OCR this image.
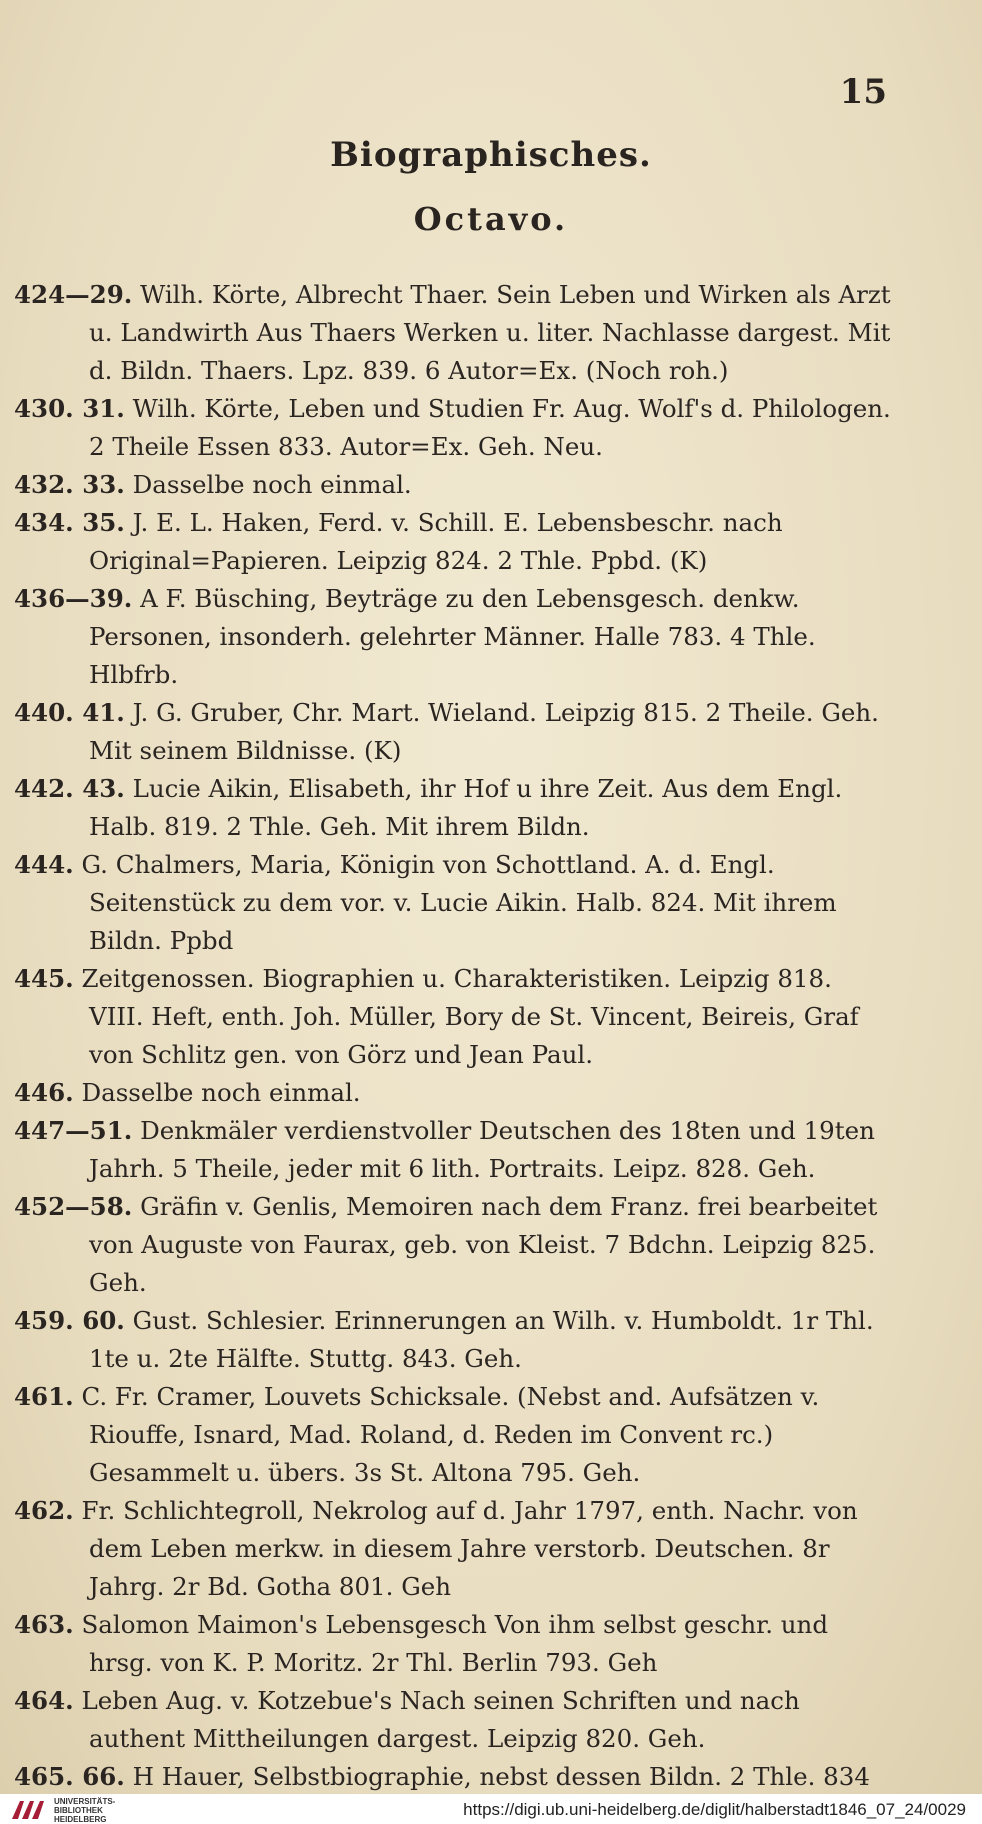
15
Biographisches.
Octavo.
424—29. Wilh. Körte, Albrecht Thaer. Sein Leben und Wirken als Arzt u. Landwirth Aus Thaers Werken u. liter. Nachlasse dargest. Mit d. Bildn. Thaers. Lpz. 839. 6 Autor=Ex. (Noch roh.)
430. 31. Wilh. Körte, Leben und Studien Fr. Aug. Wolf's d. Philologen. 2 Theile Essen 833. Autor=Ex. Geh. Neu.
432. 33. Dasselbe noch einmal.
434. 35. J. E. L. Haken, Ferd. v. Schill. E. Lebensbeschr. nach Original=Papieren. Leipzig 824. 2 Thle. Ppbd. (K)
436—39. A F. Büsching, Beyträge zu den Lebensgesch. denkw. Personen, insonderh. gelehrter Männer. Halle 783. 4 Thle. Hlbfrb.
440. 41. J. G. Gruber, Chr. Mart. Wieland. Leipzig 815. 2 Theile. Geh. Mit seinem Bildnisse. (K)
442. 43. Lucie Aikin, Elisabeth, ihr Hof u ihre Zeit. Aus dem Engl. Halb. 819. 2 Thle. Geh. Mit ihrem Bildn.
444. G. Chalmers, Maria, Königin von Schottland. A. d. Engl. Seitenstück zu dem vor. v. Lucie Aikin. Halb. 824. Mit ihrem Bildn. Ppbd
445. Zeitgenossen. Biographien u. Charakteristiken. Leipzig 818. VIII. Heft, enth. Joh. Müller, Bory de St. Vincent, Beireis, Graf von Schlitz gen. von Görz und Jean Paul.
446. Dasselbe noch einmal.
447—51. Denkmäler verdienstvoller Deutschen des 18ten und 19ten Jahrh. 5 Theile, jeder mit 6 lith. Portraits. Leipz. 828. Geh.
452—58. Gräfin v. Genlis, Memoiren nach dem Franz. frei bearbeitet von Auguste von Faurax, geb. von Kleist. 7 Bdchn. Leipzig 825. Geh.
459. 60. Gust. Schlesier. Erinnerungen an Wilh. v. Humboldt. 1r Thl. 1te u. 2te Hälfte. Stuttg. 843. Geh.
461. C. Fr. Cramer, Louvets Schicksale. (Nebst and. Aufsätzen v. Riouffe, Isnard, Mad. Roland, d. Reden im Convent rc.) Gesammelt u. übers. 3s St. Altona 795. Geh.
462. Fr. Schlichtegroll, Nekrolog auf d. Jahr 1797, enth. Nachr. von dem Leben merkw. in diesem Jahre verstorb. Deutschen. 8r Jahrg. 2r Bd. Gotha 801. Geh
463. Salomon Maimon's Lebensgesch Von ihm selbst geschr. und hrsg. von K. P. Moritz. 2r Thl. Berlin 793. Geh
464. Leben Aug. v. Kotzebue's Nach seinen Schriften und nach authent Mittheilungen dargest. Leipzig 820. Geh.
465. 66. H Hauer, Selbstbiographie, nebst dessen Bildn. 2 Thle. 834
UNIVERSITÄTS-
BIBLIOTHEK
HEIDELBERG
https://digi.ub.uni-heidelberg.de/diglit/halberstadt1846_07_24/0029
